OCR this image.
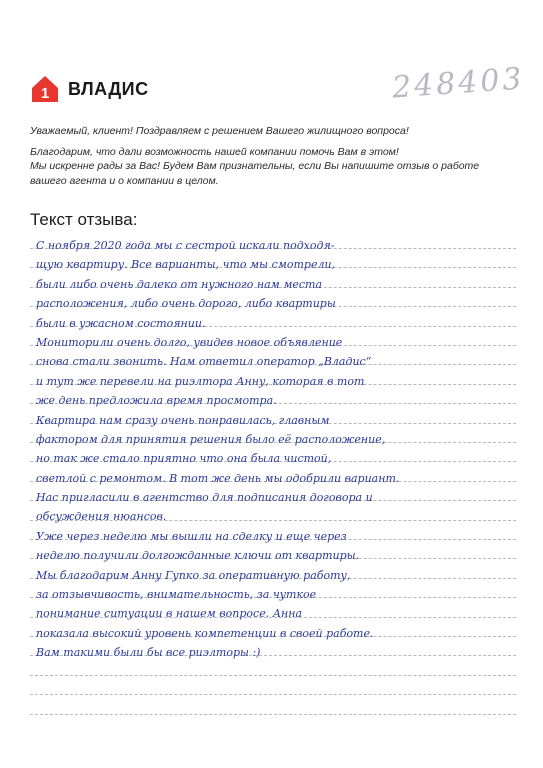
1 ВЛАДИС	248403

Уважаемый, клиент! Поздравляем с решением Вашего жилищного вопроса!

Благодарим, что дали возможность нашей компании помочь Вам в этом!

Мы искренне рады за Вас! Будем Вам признательны, если Вы напишите отзыв о работе

вашего агента и о компании в целом.

Текст отзыва:
С ноября 2020 года мы с сестрой искали подходя-
щую квартиру. Все варианты, что мы смотрели,
были либо очень далеко от нужного нам места
расположения, либо очень дорого, либо квартиры
были в ужасном состоянии.
Мониторили очень долго, увидев новое объявление
снова стали звонить. Нам ответил оператор „Владис“
и тут же перевели на риэлтора Анну, которая в тот
же день предложила время просмотра.
Квартира нам сразу очень понравилась, главным
фактором для принятия решения было её расположение,
но так же стало приятно что она была чистой,
светлой с ремонтом. В тот же день мы одобрили вариант.
Нас пригласили в агентство для подписания договора и
обсуждения нюансов.
Уже через неделю мы вышли на сделку и еще через
неделю получили долгожданные ключи от квартиры.
Мы благодарим Анну Гупко за оперативную работу,
за отзывчивость, внимательность, за чуткое
понимание ситуации в нашем вопросе. Анна
показала высокий уровень компетенции в своей работе.
Вам такими были бы все риэлторы :)
